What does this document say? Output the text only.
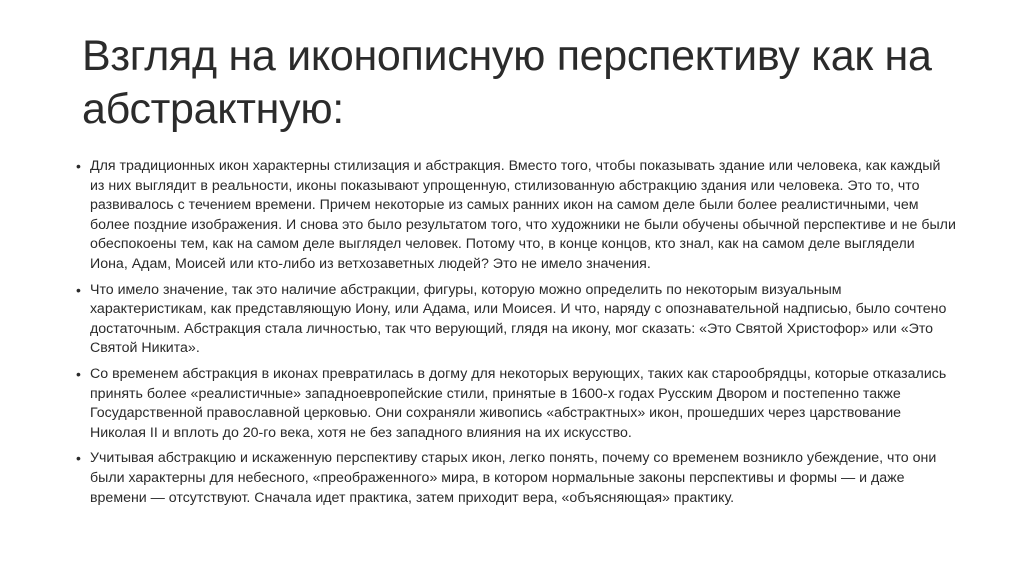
Взгляд на иконописную перспективу как на абстрактную:
• Для традиционных икон характерны стилизация и абстракция. Вместо того, чтобы показывать здание или человека, как каждый из них выглядит в реальности, иконы показывают упрощенную, стилизованную абстракцию здания или человека. Это то, что развивалось с течением времени. Причем некоторые из самых ранних икон на самом деле были более реалистичными, чем более поздние изображения. И снова это было результатом того, что художники не были обучены обычной перспективе и не были обеспокоены тем, как на самом деле выглядел человек. Потому что, в конце концов, кто знал, как на самом деле выглядели Иона, Адам, Моисей или кто-либо из ветхозаветных людей? Это не имело значения.
• Что имело значение, так это наличие абстракции, фигуры, которую можно определить по некоторым визуальным характеристикам, как представляющую Иону, или Адама, или Моисея. И что, наряду с опознавательной надписью, было сочтено достаточным. Абстракция стала личностью, так что верующий, глядя на икону, мог сказать: «Это Святой Христофор» или «Это Святой Никита».
• Со временем абстракция в иконах превратилась в догму для некоторых верующих, таких как старообрядцы, которые отказались принять более «реалистичные» западноевропейские стили, принятые в 1600-х годах Русским Двором и постепенно также Государственной православной церковью. Они сохраняли живопись «абстрактных» икон, прошедших через царствование Николая II и вплоть до 20-го века, хотя не без западного влияния на их искусство.
• Учитывая абстракцию и искаженную перспективу старых икон, легко понять, почему со временем возникло убеждение, что они были характерны для небесного, «преображенного» мира, в котором нормальные законы перспективы и формы — и даже времени — отсутствуют. Сначала идет практика, затем приходит вера, «объясняющая» практику.
